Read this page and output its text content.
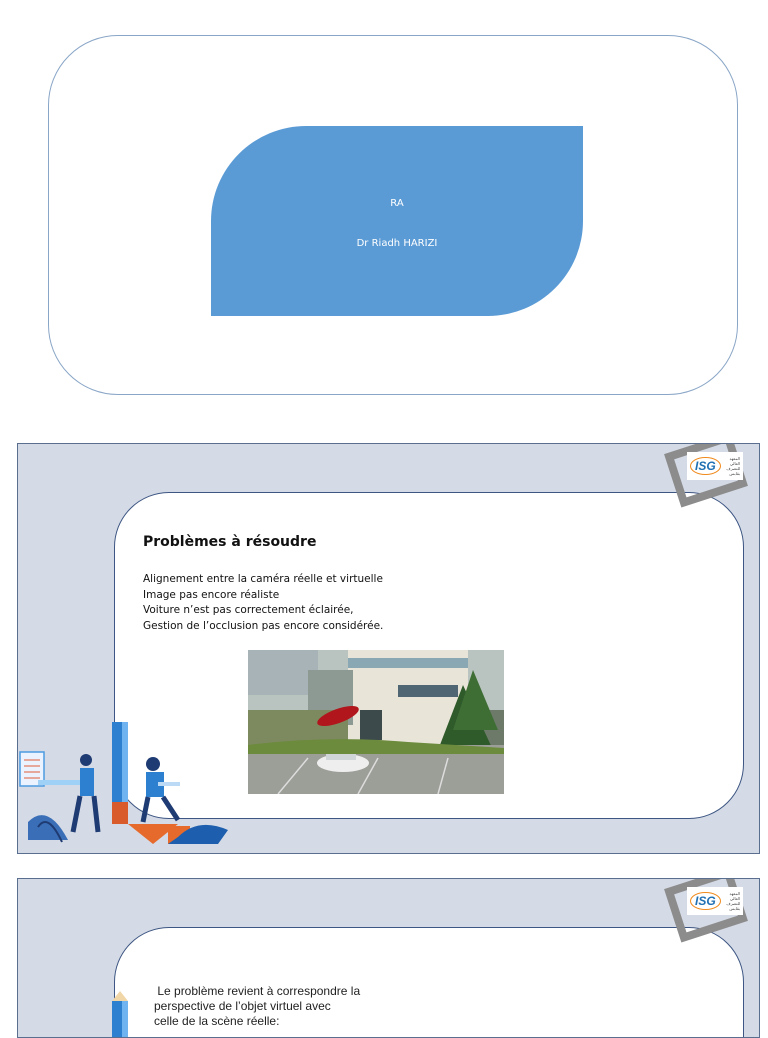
RA
Dr Riadh HARIZI
ISG
المعهد
العالي
للتصرف
بقابس
Problèmes à résoudre
Alignement entre la caméra réelle et virtuelle
Image pas encore réaliste
Voiture n’est pas correctement éclairée,
Gestion de l’occlusion pas encore considérée.
ISG
المعهد
العالي
للتصرف
بقابس
Le problème revient à correspondre la
perspective de l’objet virtuel avec
celle de la scène réelle:
